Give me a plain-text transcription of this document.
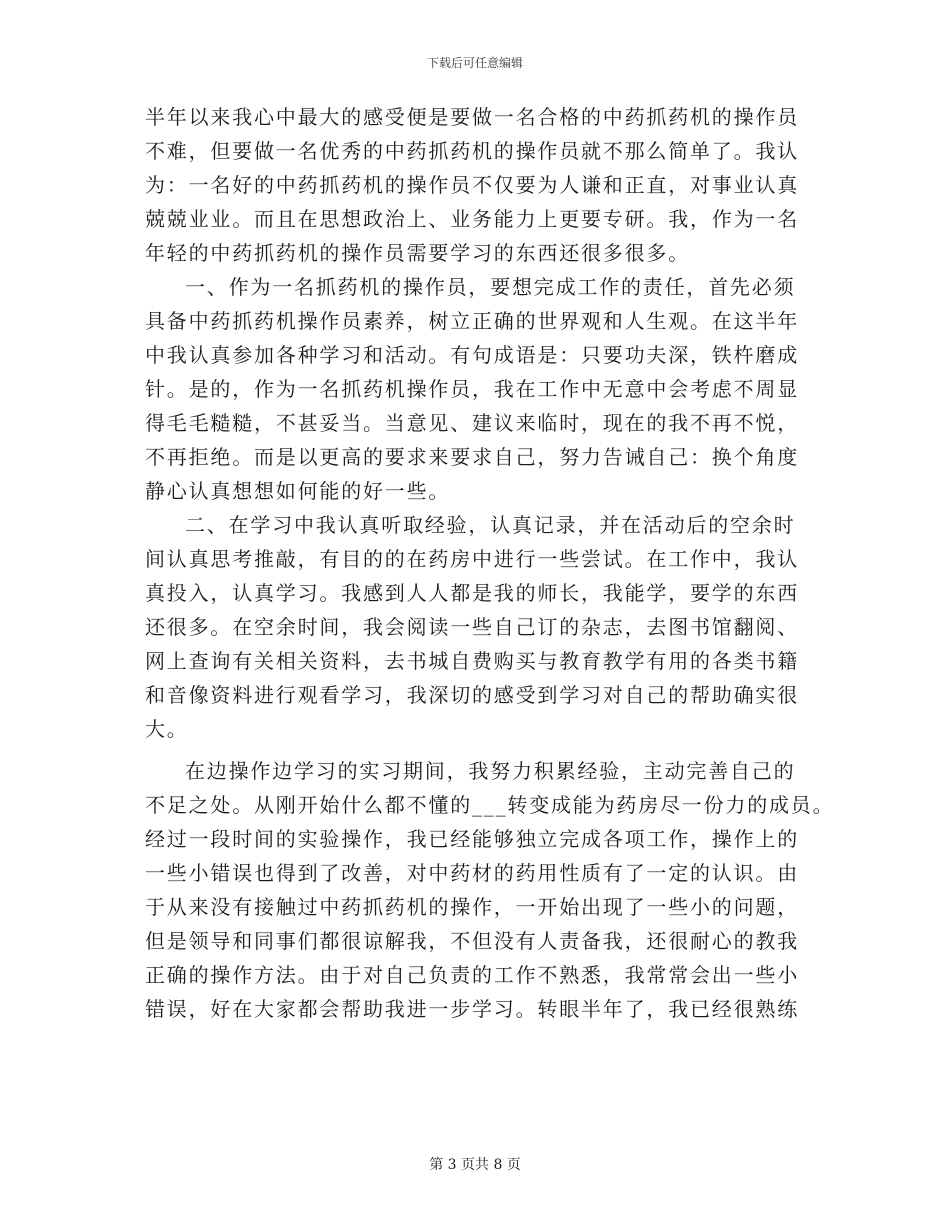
下载后可任意编辑
半年以来我心中最大的感受便是要做一名合格的中药抓药机的操作员
不难，但要做一名优秀的中药抓药机的操作员就不那么简单了。我认
为：一名好的中药抓药机的操作员不仅要为人谦和正直，对事业认真
兢兢业业。而且在思想政治上、业务能力上更要专研。我，作为一名
年轻的中药抓药机的操作员需要学习的东西还很多很多。
一、作为一名抓药机的操作员，要想完成工作的责任，首先必须
具备中药抓药机操作员素养，树立正确的世界观和人生观。在这半年
中我认真参加各种学习和活动。有句成语是：只要功夫深，铁杵磨成
针。是的，作为一名抓药机操作员，我在工作中无意中会考虑不周显
得毛毛糙糙，不甚妥当。当意见、建议来临时，现在的我不再不悦，
不再拒绝。而是以更高的要求来要求自己，努力告诫自己：换个角度
静心认真想想如何能的好一些。
二、在学习中我认真听取经验，认真记录，并在活动后的空余时
间认真思考推敲，有目的的在药房中进行一些尝试。在工作中，我认
真投入，认真学习。我感到人人都是我的师长，我能学，要学的东西
还很多。在空余时间，我会阅读一些自己订的杂志，去图书馆翻阅、
网上查询有关相关资料，去书城自费购买与教育教学有用的各类书籍
和音像资料进行观看学习，我深切的感受到学习对自己的帮助确实很
大。
在边操作边学习的实习期间，我努力积累经验，主动完善自己的
不足之处。从刚开始什么都不懂的___转变成能为药房尽一份力的成员。
经过一段时间的实验操作，我已经能够独立完成各项工作，操作上的
一些小错误也得到了改善，对中药材的药用性质有了一定的认识。由
于从来没有接触过中药抓药机的操作，一开始出现了一些小的问题，
但是领导和同事们都很谅解我，不但没有人责备我，还很耐心的教我
正确的操作方法。由于对自己负责的工作不熟悉，我常常会出一些小
错误，好在大家都会帮助我进一步学习。转眼半年了，我已经很熟练
第 3 页共 8 页
